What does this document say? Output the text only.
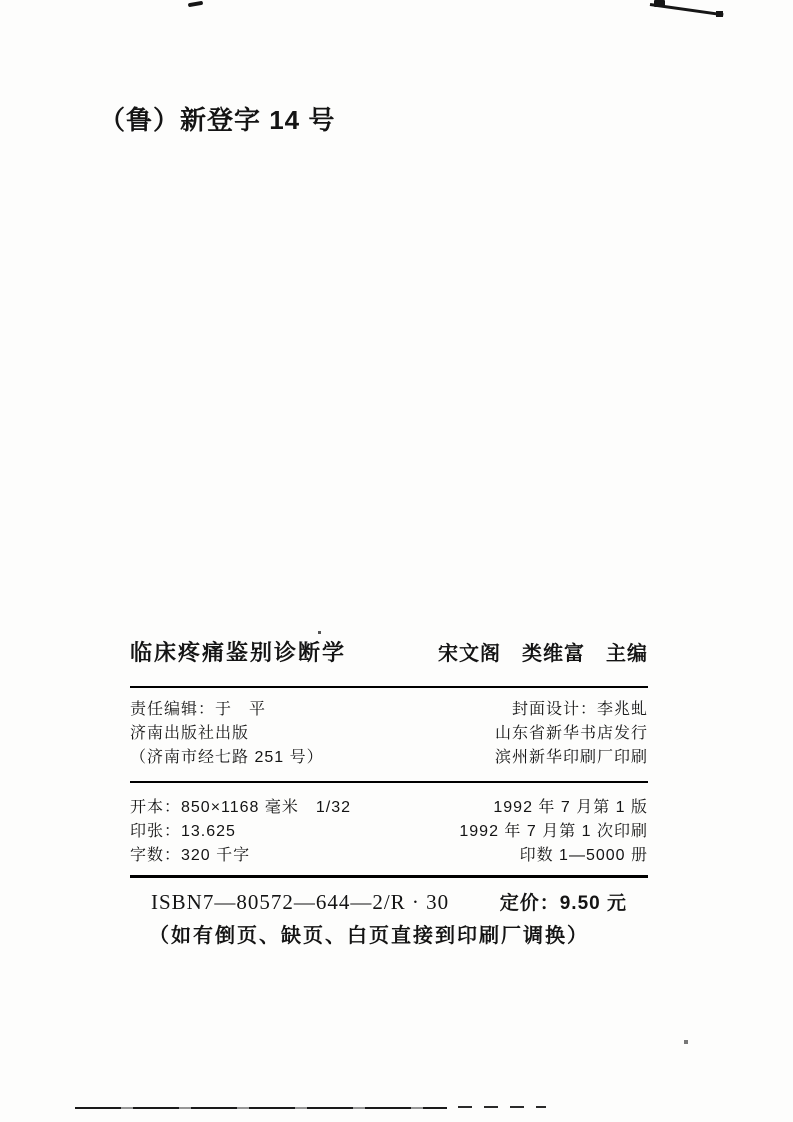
（鲁）新登字 14 号
临床疼痛鉴别诊断学	宋文阁　类维富　主编
责任编辑：于　平
济南出版社出版
（济南市经七路 251 号）
封面设计：李兆虬
山东省新华书店发行
滨州新华印刷厂印刷
开本：850×1168 毫米　1/32
印张：13.625
字数：320 千字
1992 年 7 月第 1 版
1992 年 7 月第 1 次印刷
印数 1—5000 册
ISBN7—80572—644—2/R · 30	定价：9.50 元
（如有倒页、缺页、白页直接到印刷厂调换）
